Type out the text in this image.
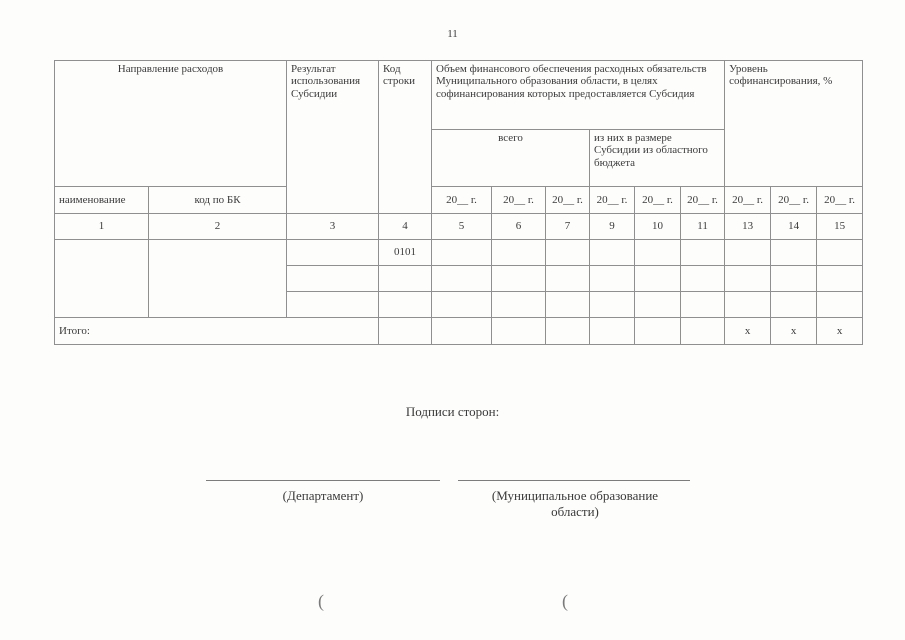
11
Направление расходов		Результат использования Субсидии	Код строки	Объем финансового обеспечения расходных обязательств Муниципального образования области, в целях софинансирования которых предоставляется Субсидия						Уровень софинансирования, %		
				всего			из них в размере Субсидии из областного бюджета					
наименование	код по БК			20__ г.	20__ г.	20__ г.	20__ г.	20__ г.	20__ г.	20__ г.	20__ г.	20__ г.
1	2	3	4	5	6	7	9	10	11	13	14	15
			0101									

Итого:										x	x	x
Подписи сторон:
(Департамент)	(Муниципальное образование области)
(	(
